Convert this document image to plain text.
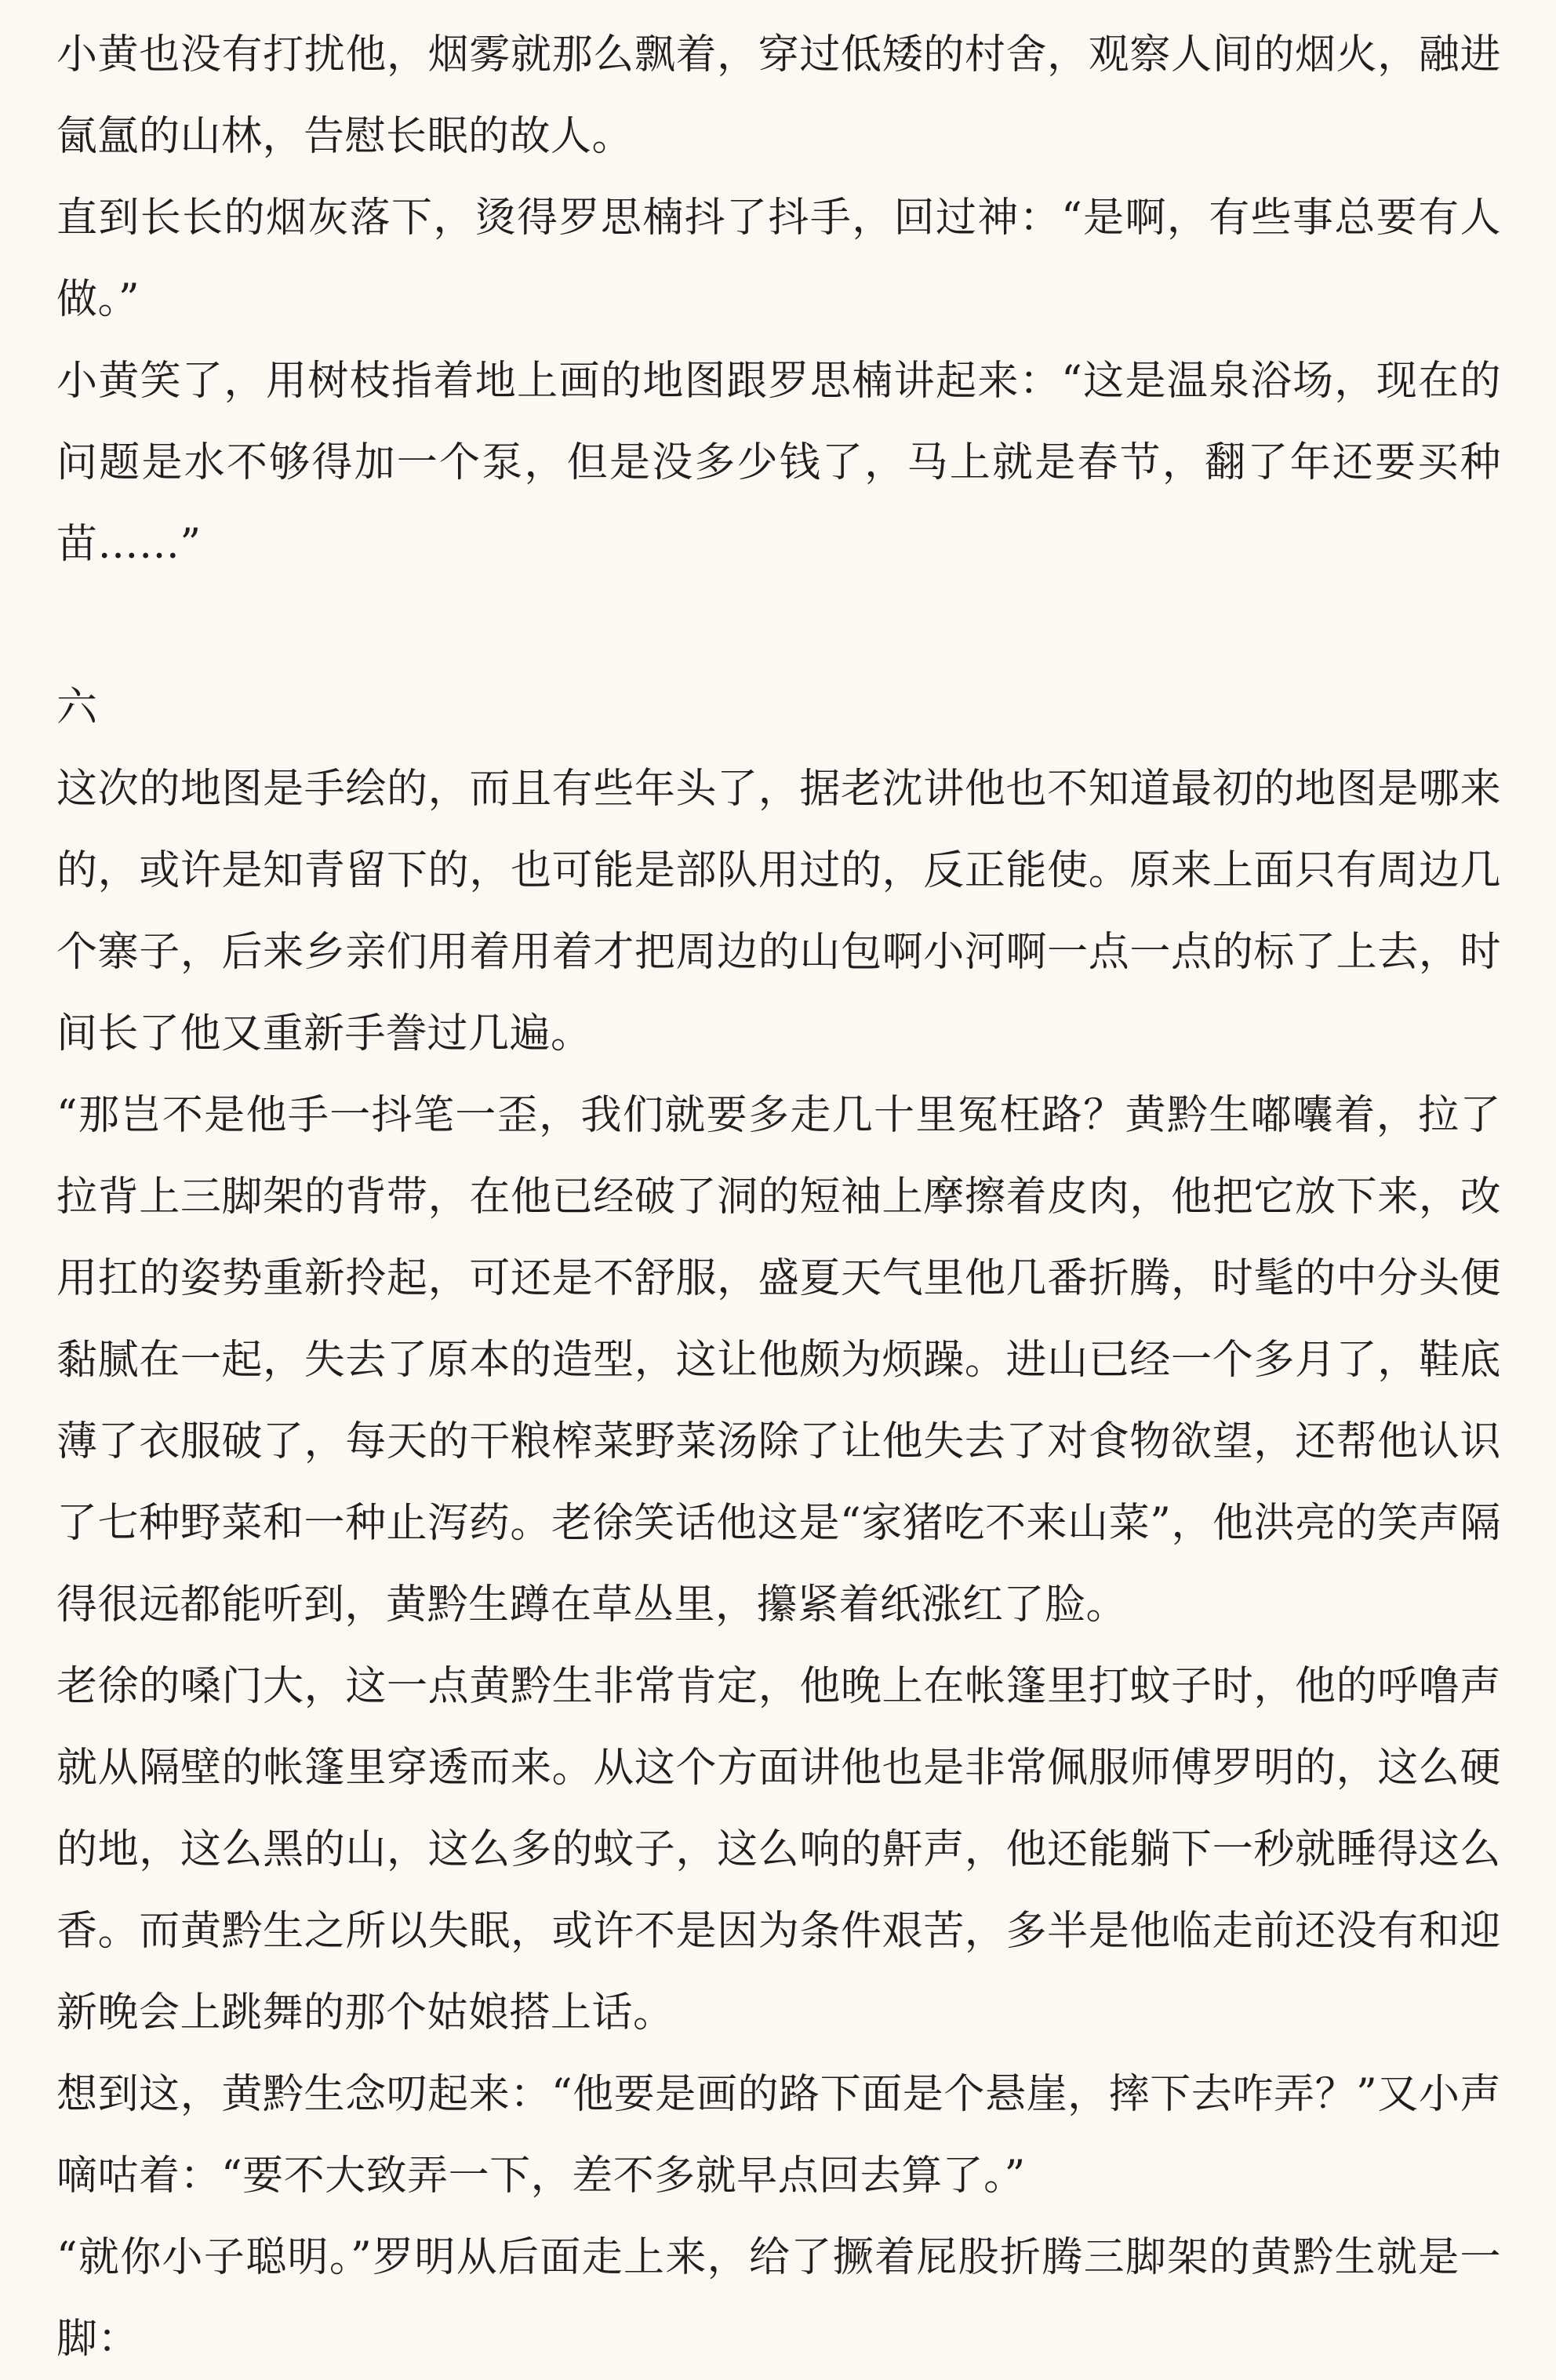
小黄也没有打扰他，烟雾就那么飘着，穿过低矮的村舍，观察人间的烟火，融进氤氲的山林，告慰长眠的故人。

直到长长的烟灰落下，烫得罗思楠抖了抖手，回过神：“是啊，有些事总要有人做。”

小黄笑了，用树枝指着地上画的地图跟罗思楠讲起来：“这是温泉浴场，现在的问题是水不够得加一个泵，但是没多少钱了，马上就是春节，翻了年还要买种苗……”

六

这次的地图是手绘的，而且有些年头了，据老沈讲他也不知道最初的地图是哪来的，或许是知青留下的，也可能是部队用过的，反正能使。原来上面只有周边几个寨子，后来乡亲们用着用着才把周边的山包啊小河啊一点一点的标了上去，时间长了他又重新手誊过几遍。

“那岂不是他手一抖笔一歪，我们就要多走几十里冤枉路？黄黔生嘟囔着，拉了拉背上三脚架的背带，在他已经破了洞的短袖上摩擦着皮肉，他把它放下来，改用扛的姿势重新拎起，可还是不舒服，盛夏天气里他几番折腾，时髦的中分头便黏腻在一起，失去了原本的造型，这让他颇为烦躁。进山已经一个多月了，鞋底薄了衣服破了，每天的干粮榨菜野菜汤除了让他失去了对食物欲望，还帮他认识了七种野菜和一种止泻药。老徐笑话他这是“家猪吃不来山菜”，他洪亮的笑声隔得很远都能听到，黄黔生蹲在草丛里，攥紧着纸涨红了脸。

老徐的嗓门大，这一点黄黔生非常肯定，他晚上在帐篷里打蚊子时，他的呼噜声就从隔壁的帐篷里穿透而来。从这个方面讲他也是非常佩服师傅罗明的，这么硬的地，这么黑的山，这么多的蚊子，这么响的鼾声，他还能躺下一秒就睡得这么香。而黄黔生之所以失眠，或许不是因为条件艰苦，多半是他临走前还没有和迎新晚会上跳舞的那个姑娘搭上话。

想到这，黄黔生念叨起来：“他要是画的路下面是个悬崖，摔下去咋弄？”又小声嘀咕着：“要不大致弄一下，差不多就早点回去算了。”

“就你小子聪明。”罗明从后面走上来，给了撅着屁股折腾三脚架的黄黔生就是一脚：
